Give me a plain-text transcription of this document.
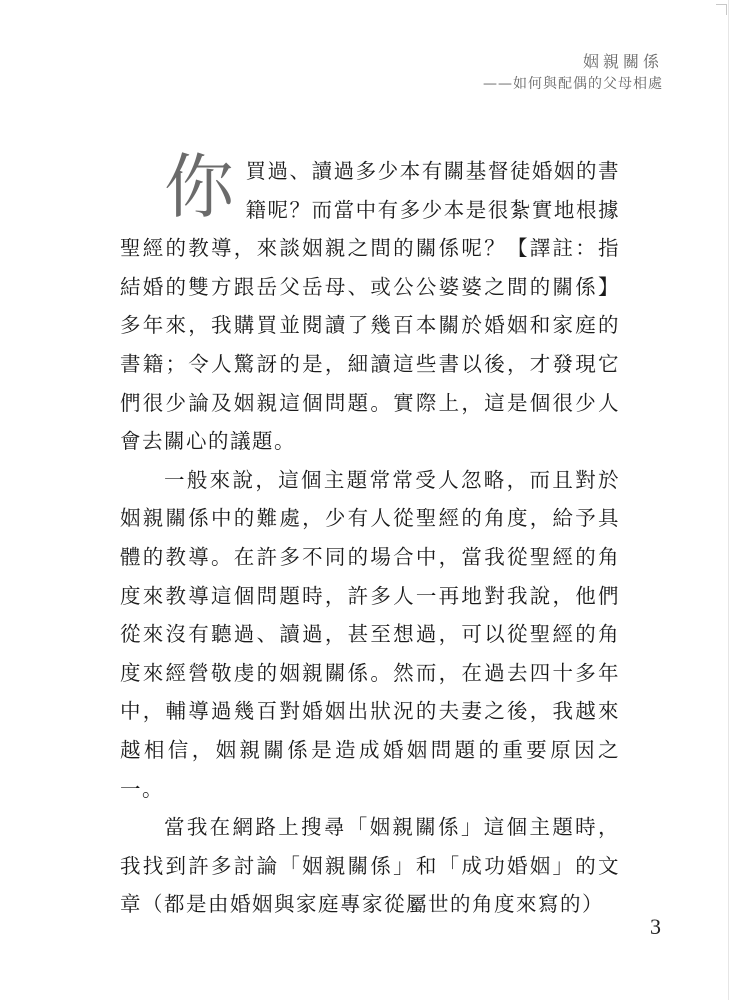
姻親關係
——如何與配偶的父母相處

你買過、讀過多少本有關基督徒婚姻的書籍呢？而當中有多少本是很紮實地根據聖經的教導，來談姻親之間的關係呢？【譯註：指結婚的雙方跟岳父岳母、或公公婆婆之間的關係】多年來，我購買並閱讀了幾百本關於婚姻和家庭的書籍；令人驚訝的是，細讀這些書以後，才發現它們很少論及姻親這個問題。實際上，這是個很少人會去關心的議題。

一般來說，這個主題常常受人忽略，而且對於姻親關係中的難處，少有人從聖經的角度，給予具體的教導。在許多不同的場合中，當我從聖經的角度來教導這個問題時，許多人一再地對我說，他們從來沒有聽過、讀過，甚至想過，可以從聖經的角度來經營敬虔的姻親關係。然而，在過去四十多年中，輔導過幾百對婚姻出狀況的夫妻之後，我越來越相信，姻親關係是造成婚姻問題的重要原因之一。

當我在網路上搜尋「姻親關係」這個主題時，我找到許多討論「姻親關係」和「成功婚姻」的文章（都是由婚姻與家庭專家從屬世的角度來寫的）

3
